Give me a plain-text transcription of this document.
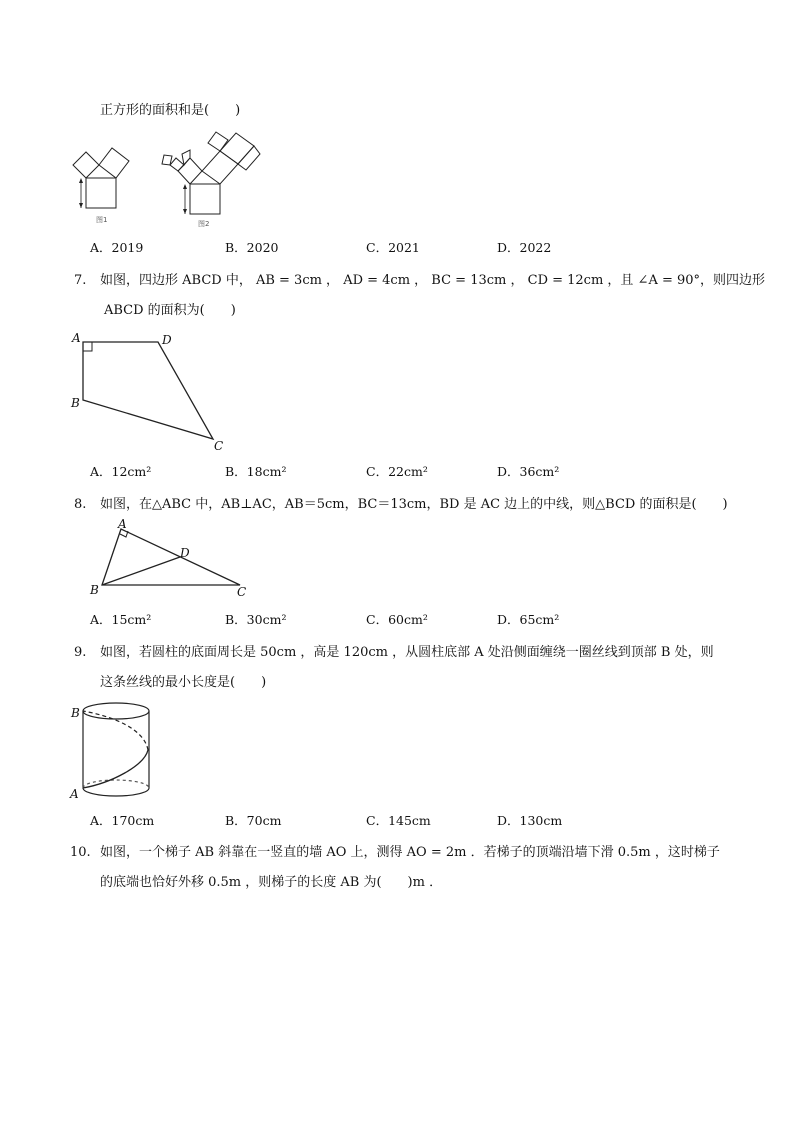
正方形的面积和是(　　)
图1	图2
A．2019	B．2020	C．2021	D．2022
7. 如图，四边形 ABCD 中， AB = 3cm ， AD = 4cm ， BC = 13cm ， CD = 12cm ，且 ∠A = 90°，则四边形
ABCD 的面积为(　　)
A	D
B
C
A．12cm²	B．18cm²	C．22cm²	D．36cm²
8. 如图，在△ABC 中，AB⊥AC，AB＝5cm，BC＝13cm，BD 是 AC 边上的中线，则△BCD 的面积是(　　)
A
D
B	C
A．15cm²	B．30cm²	C．60cm²	D．65cm²
9. 如图，若圆柱的底面周长是 50cm ，高是 120cm ，从圆柱底部 A 处沿侧面缠绕一圈丝线到顶部 B 处，则
这条丝线的最小长度是(　　)
B
A
A．170cm	B．70cm	C．145cm	D．130cm
10. 如图，一个梯子 AB 斜靠在一竖直的墙 AO 上，测得 AO = 2m ．若梯子的顶端沿墙下滑 0.5m ，这时梯子
的底端也恰好外移 0.5m ，则梯子的长度 AB 为(　　)m ．
